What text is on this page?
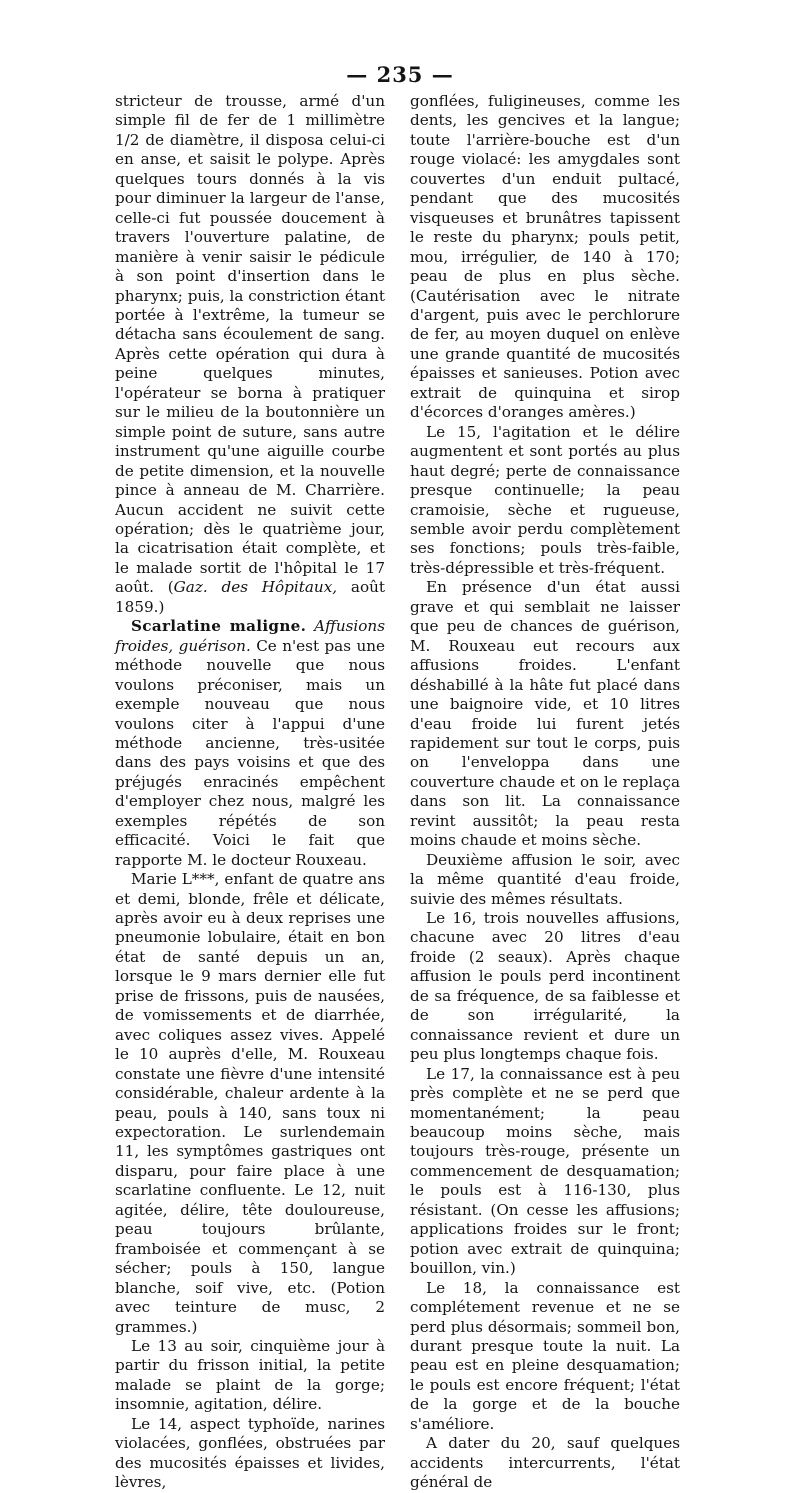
— 235 —

stricteur de trousse, armé d'un simple fil de fer de 1 millimètre 1/2 de diamètre, il disposa celui-ci en anse, et saisit le polype. Après quelques tours donnés à la vis pour diminuer la largeur de l'anse, celle-ci fut poussée doucement à travers l'ouverture palatine, de manière à venir saisir le pédicule à son point d'insertion dans le pharynx; puis, la constriction étant portée à l'extrême, la tumeur se détacha sans écoulement de sang. Après cette opération qui dura à peine quelques minutes, l'opérateur se borna à pratiquer sur le milieu de la boutonnière un simple point de suture, sans autre instrument qu'une aiguille courbe de petite dimension, et la nouvelle pince à anneau de M. Charrière. Aucun accident ne suivit cette opération; dès le quatrième jour, la cicatrisation était complète, et le malade sortit de l'hôpital le 17 août. (Gaz. des Hôpitaux, août 1859.)

Scarlatine maligne. Affusions froides, guérison. Ce n'est pas une méthode nouvelle que nous voulons préconiser, mais un exemple nouveau que nous voulons citer à l'appui d'une méthode ancienne, très-usitée dans des pays voisins et que des préjugés enracinés empêchent d'employer chez nous, malgré les exemples répétés de son efficacité. Voici le fait que rapporte M. le docteur Rouxeau.

Marie L***, enfant de quatre ans et demi, blonde, frêle et délicate, après avoir eu à deux reprises une pneumonie lobulaire, était en bon état de santé depuis un an, lorsque le 9 mars dernier elle fut prise de frissons, puis de nausées, de vomissements et de diarrhée, avec coliques assez vives. Appelé le 10 auprès d'elle, M. Rouxeau constate une fièvre d'une intensité considérable, chaleur ardente à la peau, pouls à 140, sans toux ni expectoration. Le surlendemain 11, les symptômes gastriques ont disparu, pour faire place à une scarlatine confluente. Le 12, nuit agitée, délire, tête douloureuse, peau toujours brûlante, framboisée et commençant à se sécher; pouls à 150, langue blanche, soif vive, etc. (Potion avec teinture de musc, 2 grammes.)

Le 13 au soir, cinquième jour à partir du frisson initial, la petite malade se plaint de la gorge; insomnie, agitation, délire.

Le 14, aspect typhoïde, narines violacées, gonflées, obstruées par des mucosités épaisses et livides, lèvres,

gonflées, fuligineuses, comme les dents, les gencives et la langue; toute l'arrière-bouche est d'un rouge violacé: les amygdales sont couvertes d'un enduit pultacé, pendant que des mucosités visqueuses et brunâtres tapissent le reste du pharynx; pouls petit, mou, irrégulier, de 140 à 170; peau de plus en plus sèche. (Cautérisation avec le nitrate d'argent, puis avec le perchlorure de fer, au moyen duquel on enlève une grande quantité de mucosités épaisses et sanieuses. Potion avec extrait de quinquina et sirop d'écorces d'oranges amères.)

Le 15, l'agitation et le délire augmentent et sont portés au plus haut degré; perte de connaissance presque continuelle; la peau cramoisie, sèche et rugueuse, semble avoir perdu complètement ses fonctions; pouls très-faible, très-dépressible et très-fréquent.

En présence d'un état aussi grave et qui semblait ne laisser que peu de chances de guérison, M. Rouxeau eut recours aux affusions froides. L'enfant déshabillé à la hâte fut placé dans une baignoire vide, et 10 litres d'eau froide lui furent jetés rapidement sur tout le corps, puis on l'enveloppa dans une couverture chaude et on le replaça dans son lit. La connaissance revint aussitôt; la peau resta moins chaude et moins sèche.

Deuxième affusion le soir, avec la même quantité d'eau froide, suivie des mêmes résultats.

Le 16, trois nouvelles affusions, chacune avec 20 litres d'eau froide (2 seaux). Après chaque affusion le pouls perd incontinent de sa fréquence, de sa faiblesse et de son irrégularité, la connaissance revient et dure un peu plus longtemps chaque fois.

Le 17, la connaissance est à peu près complète et ne se perd que momentanément; la peau beaucoup moins sèche, mais toujours très-rouge, présente un commencement de desquamation; le pouls est à 116-130, plus résistant. (On cesse les affusions; applications froides sur le front; potion avec extrait de quinquina; bouillon, vin.)

Le 18, la connaissance est complétement revenue et ne se perd plus désormais; sommeil bon, durant presque toute la nuit. La peau est en pleine desquamation; le pouls est encore fréquent; l'état de la gorge et de la bouche s'améliore.

A dater du 20, sauf quelques accidents intercurrents, l'état général de
